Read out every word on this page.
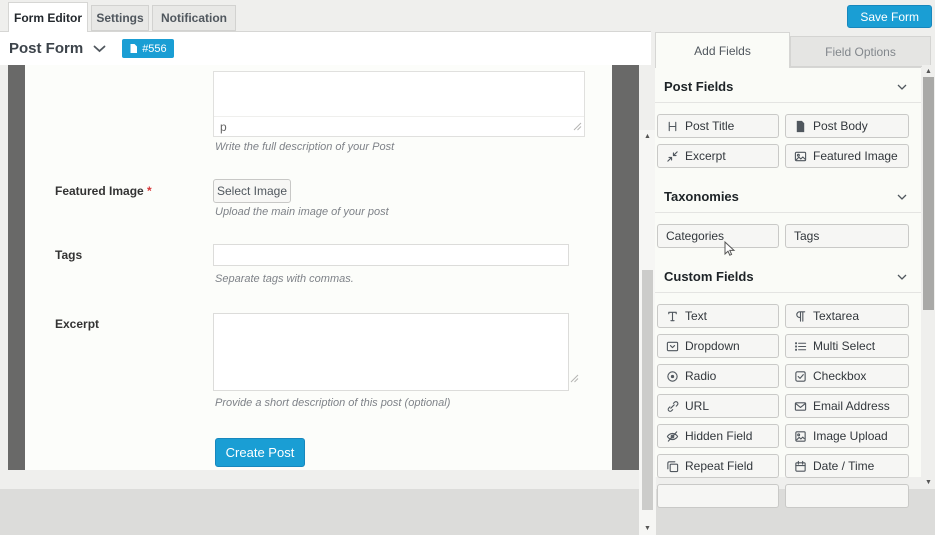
Form Editor	Settings	Notification	Save Form
Post Form	#556
p
Write the full description of your Post
Featured Image *	Select Image
Upload the main image of your post
Tags
Separate tags with commas.
Excerpt
Provide a short description of this post (optional)
Create Post
▲
▼
Add Fields	Field Options
Post Fields
Post Title	Post Body
Excerpt	Featured Image
Taxonomies
Categories	Tags
Custom Fields
Text	Textarea
Dropdown	Multi Select
Radio	Checkbox
URL	Email Address
Hidden Field	Image Upload
Repeat Field	Date / Time
▲
▼
